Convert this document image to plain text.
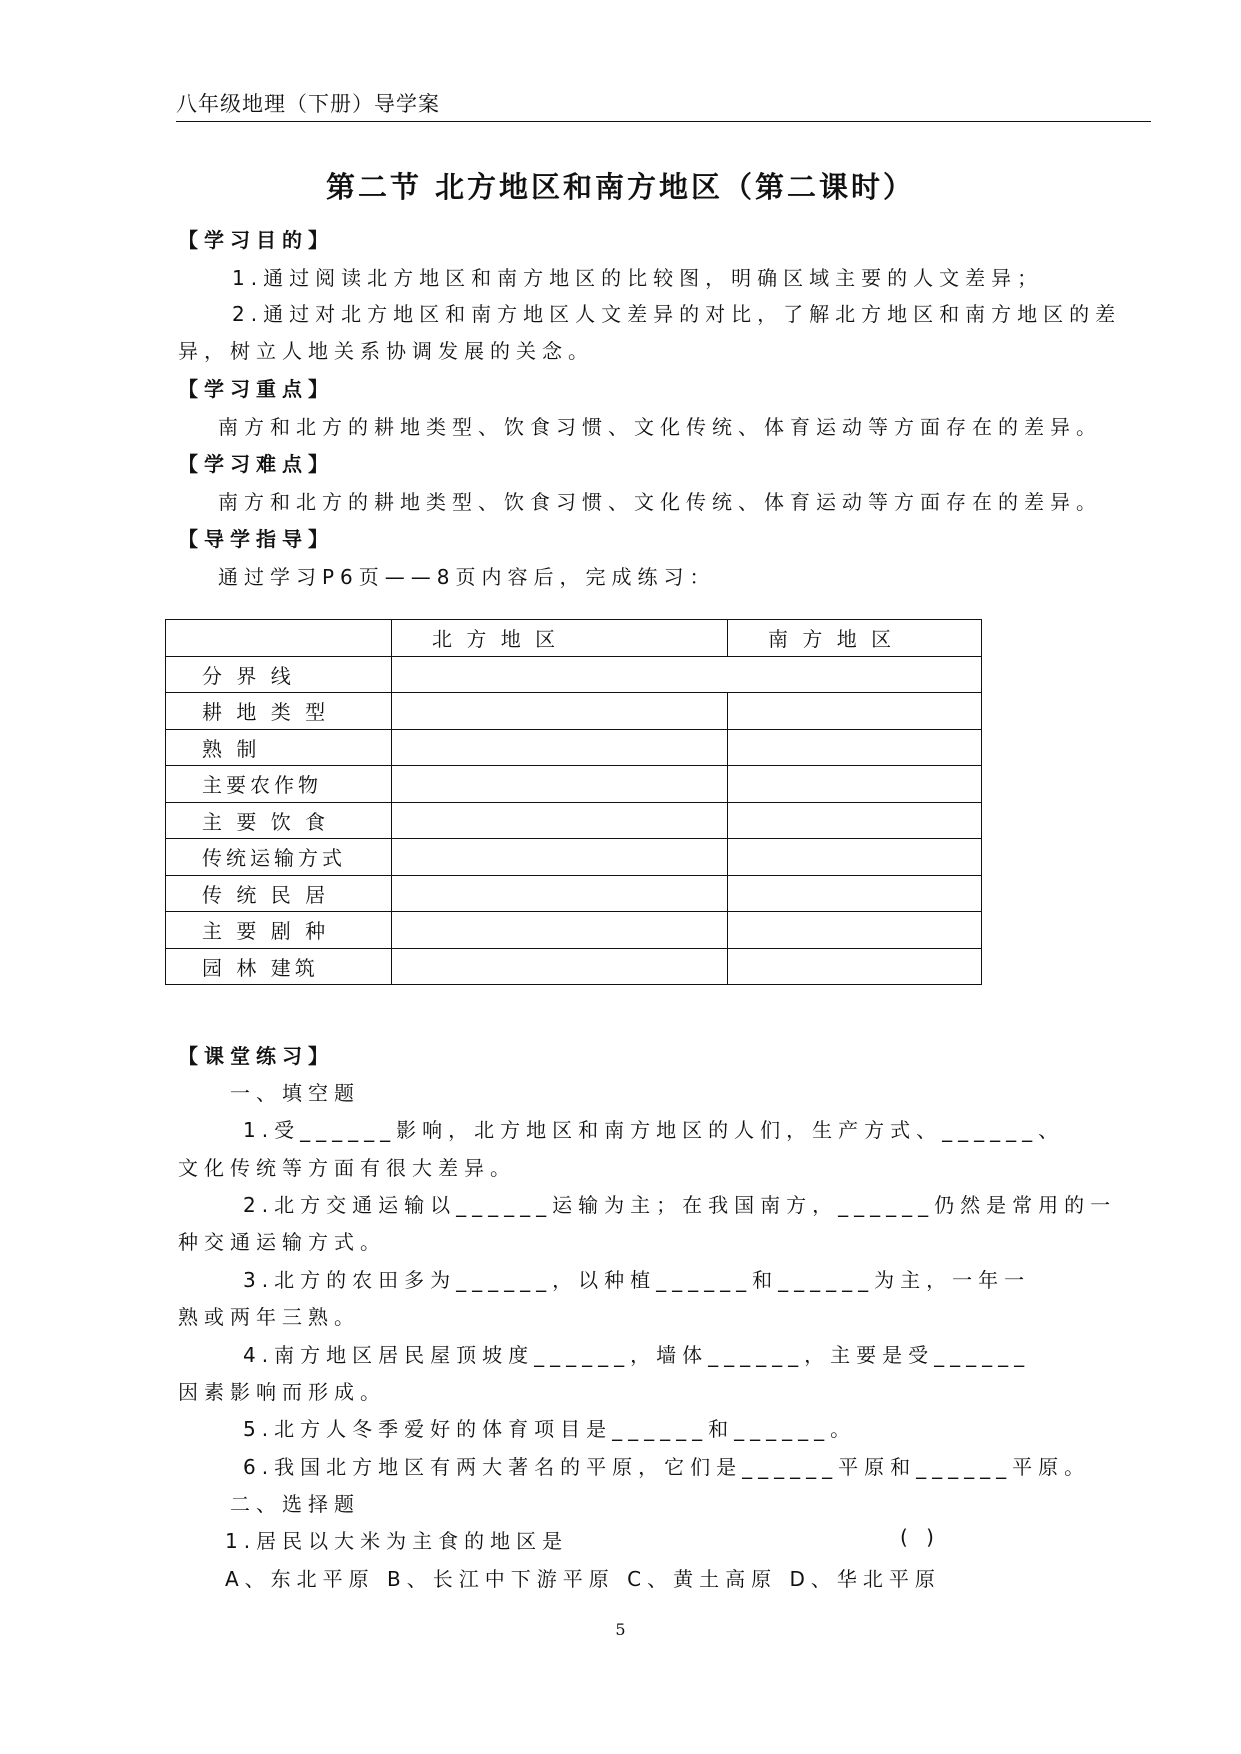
八年级地理（下册）导学案
第二节 北方地区和南方地区（第二课时）
【学习目的】
1.通过阅读北方地区和南方地区的比较图，明确区域主要的人文差异；
2.通过对北方地区和南方地区人文差异的对比，了解北方地区和南方地区的差
异，树立人地关系协调发展的关念。
【学习重点】
南方和北方的耕地类型、饮食习惯、文化传统、体育运动等方面存在的差异。
【学习难点】
南方和北方的耕地类型、饮食习惯、文化传统、体育运动等方面存在的差异。
【导学指导】
通过学习P6页——8页内容后，完成练习：
	北 方 地 区	南 方 地 区
分 界 线		
耕 地 类 型		
熟 制		
主要农作物		
主 要 饮 食		
传统运输方式		
传 统 民 居		
主 要 剧 种		
园 林 建筑		
【课堂练习】
一、填空题
1.受______影响，北方地区和南方地区的人们，生产方式、______、
文化传统等方面有很大差异。
2.北方交通运输以______运输为主；在我国南方，______仍然是常用的一
种交通运输方式。
3.北方的农田多为______，以种植______和______为主，一年一
熟或两年三熟。
4.南方地区居民屋顶坡度______，墙体______，主要是受______
因素影响而形成。
5.北方人冬季爱好的体育项目是______和______。
6.我国北方地区有两大著名的平原，它们是______平原和______平原。
二、选择题
1.居民以大米为主食的地区是	( )
A、东北平原 B、长江中下游平原 C、黄土高原 D、华北平原
5
